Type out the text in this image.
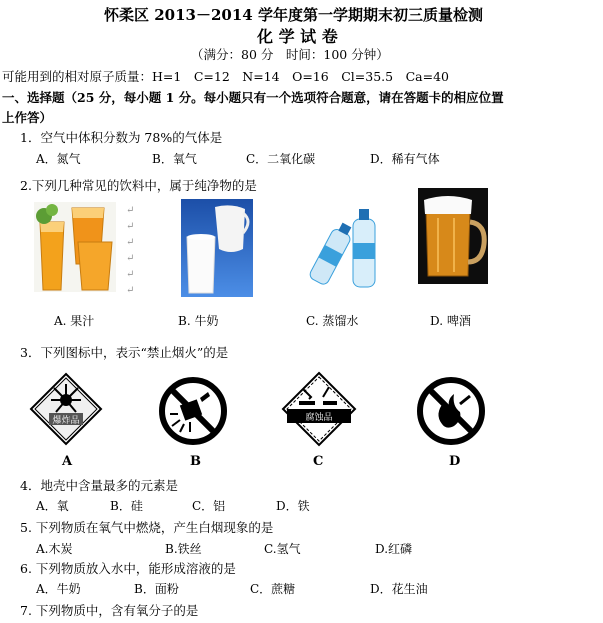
怀柔区 2013－2014 学年度第一学期期末初三质量检测
化 学 试 卷
（满分：80 分　时间：100 分钟）
可能用到的相对原子质量：H=1　C=12　N=14　O=16　Cl=35.5　Ca=40
一、选择题（25 分，每小题 1 分。每小题只有一个选项符合题意，请在答题卡的相应位置
上作答）
1．空气中体积分数为 78%的气体是
A．氮气	B．氧气	C．二氧化碳	D．稀有气体
2.下列几种常见的饮料中，属于纯净物的是
↵
↵
↵
↵
↵
↵
A. 果汁	B. 牛奶	C. 蒸馏水	D. 啤酒
3．下列图标中，表示“禁止烟火”的是
爆炸品	腐蚀品
A	B	C	D
4．地壳中含量最多的元素是
A．氧	B．硅	C．铝	D．铁
5. 下列物质在氧气中燃烧，产生白烟现象的是
A.木炭	B.铁丝	C.氢气	D.红磷
6. 下列物质放入水中，能形成溶液的是
A．牛奶	B．面粉	C．蔗糖	D．花生油
7. 下列物质中，含有氧分子的是
